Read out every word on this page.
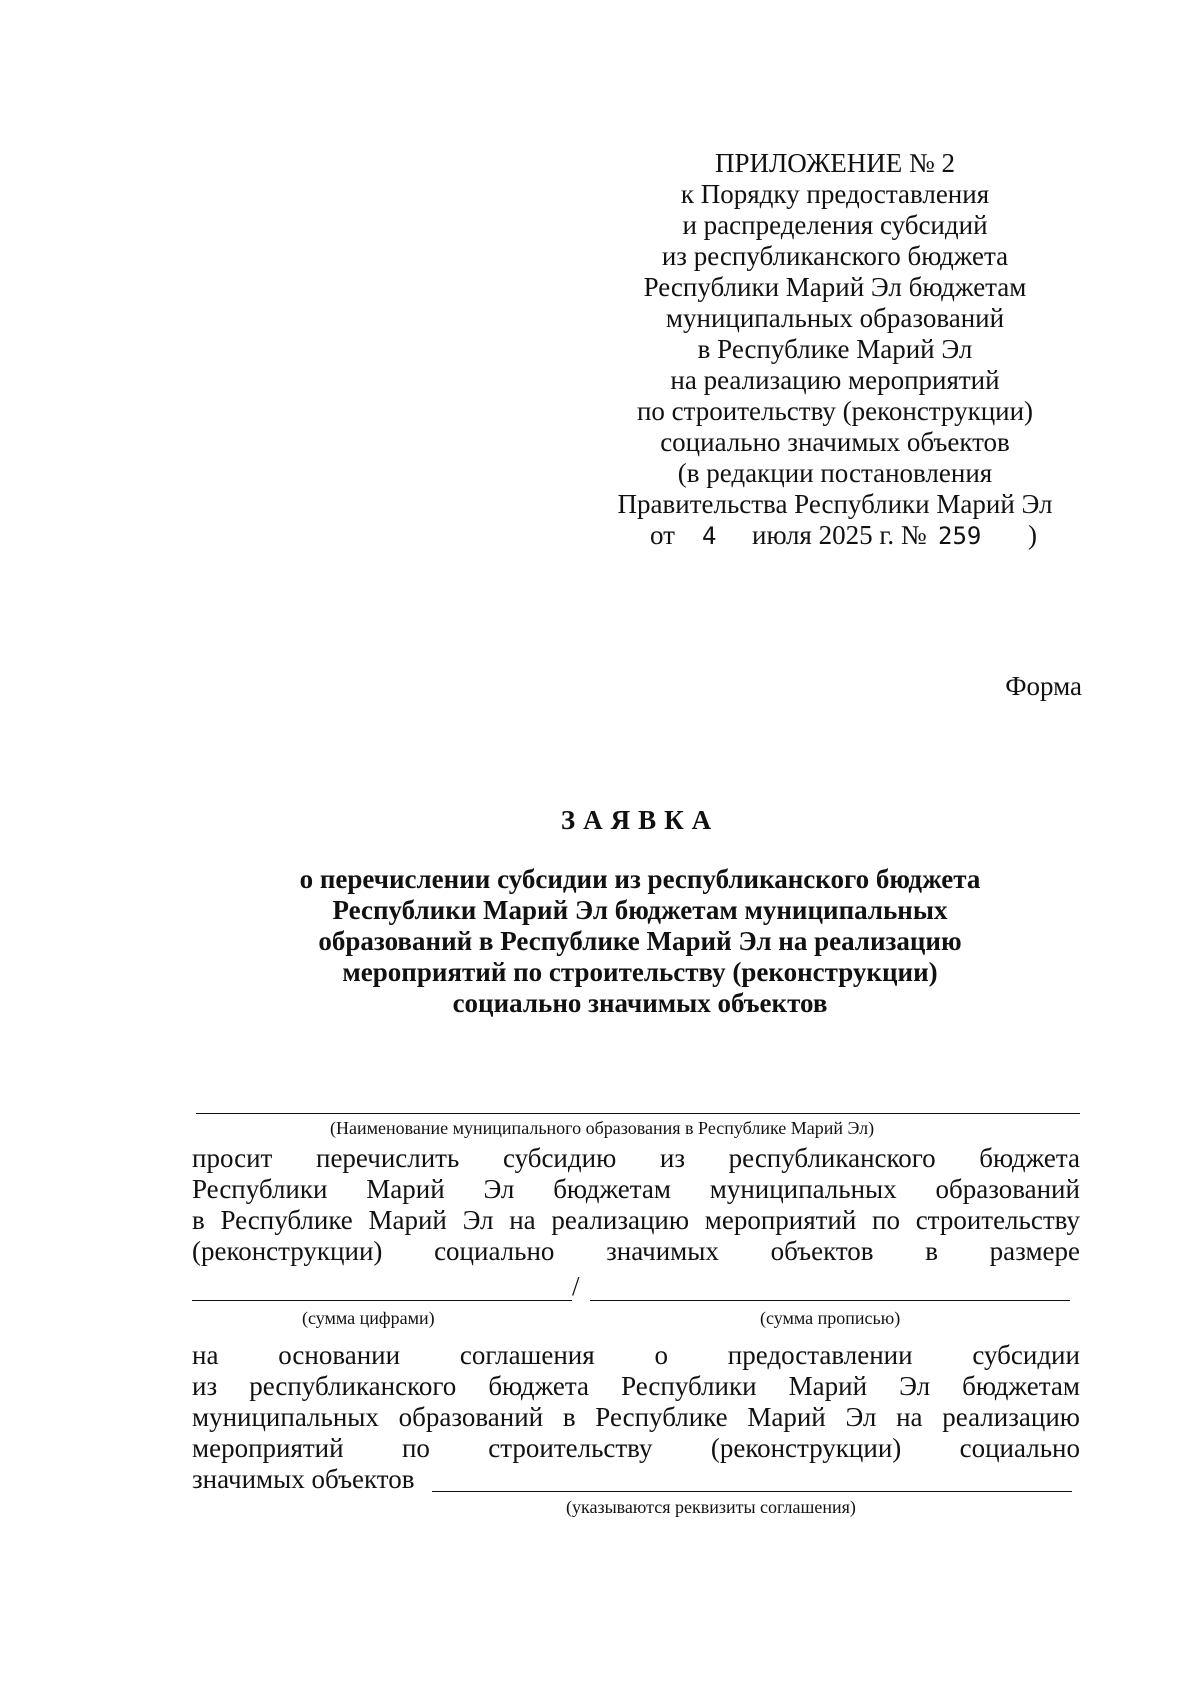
ПРИЛОЖЕНИЕ № 2
к Порядку предоставления
и распределения субсидий
из республиканского бюджета
Республики Марий Эл бюджетам
муниципальных образований
в Республике Марий Эл
на реализацию мероприятий
по строительству (реконструкции)
социально значимых объектов
(в редакции постановления
Правительства Республики Марий Эл
от 4 июля 2025 г. № 259 )
Форма
ЗАЯВКА
о перечислении субсидии из республиканского бюджета
Республики Марий Эл бюджетам муниципальных
образований в Республике Марий Эл на реализацию
мероприятий по строительству (реконструкции)
социально значимых объектов
(Наименование муниципального образования в Республике Марий Эл)
просит перечислить субсидию из республиканского бюджета
Республики Марий Эл бюджетам муниципальных образований
в Республике Марий Эл на реализацию мероприятий по строительству
(реконструкции) социально значимых объектов в размере
/
(сумма цифрами)	(сумма прописью)
на основании соглашения о предоставлении субсидии
из республиканского бюджета Республики Марий Эл бюджетам
муниципальных образований в Республике Марий Эл на реализацию
мероприятий по строительству (реконструкции) социально
значимых объектов
(указываются реквизиты соглашения)
